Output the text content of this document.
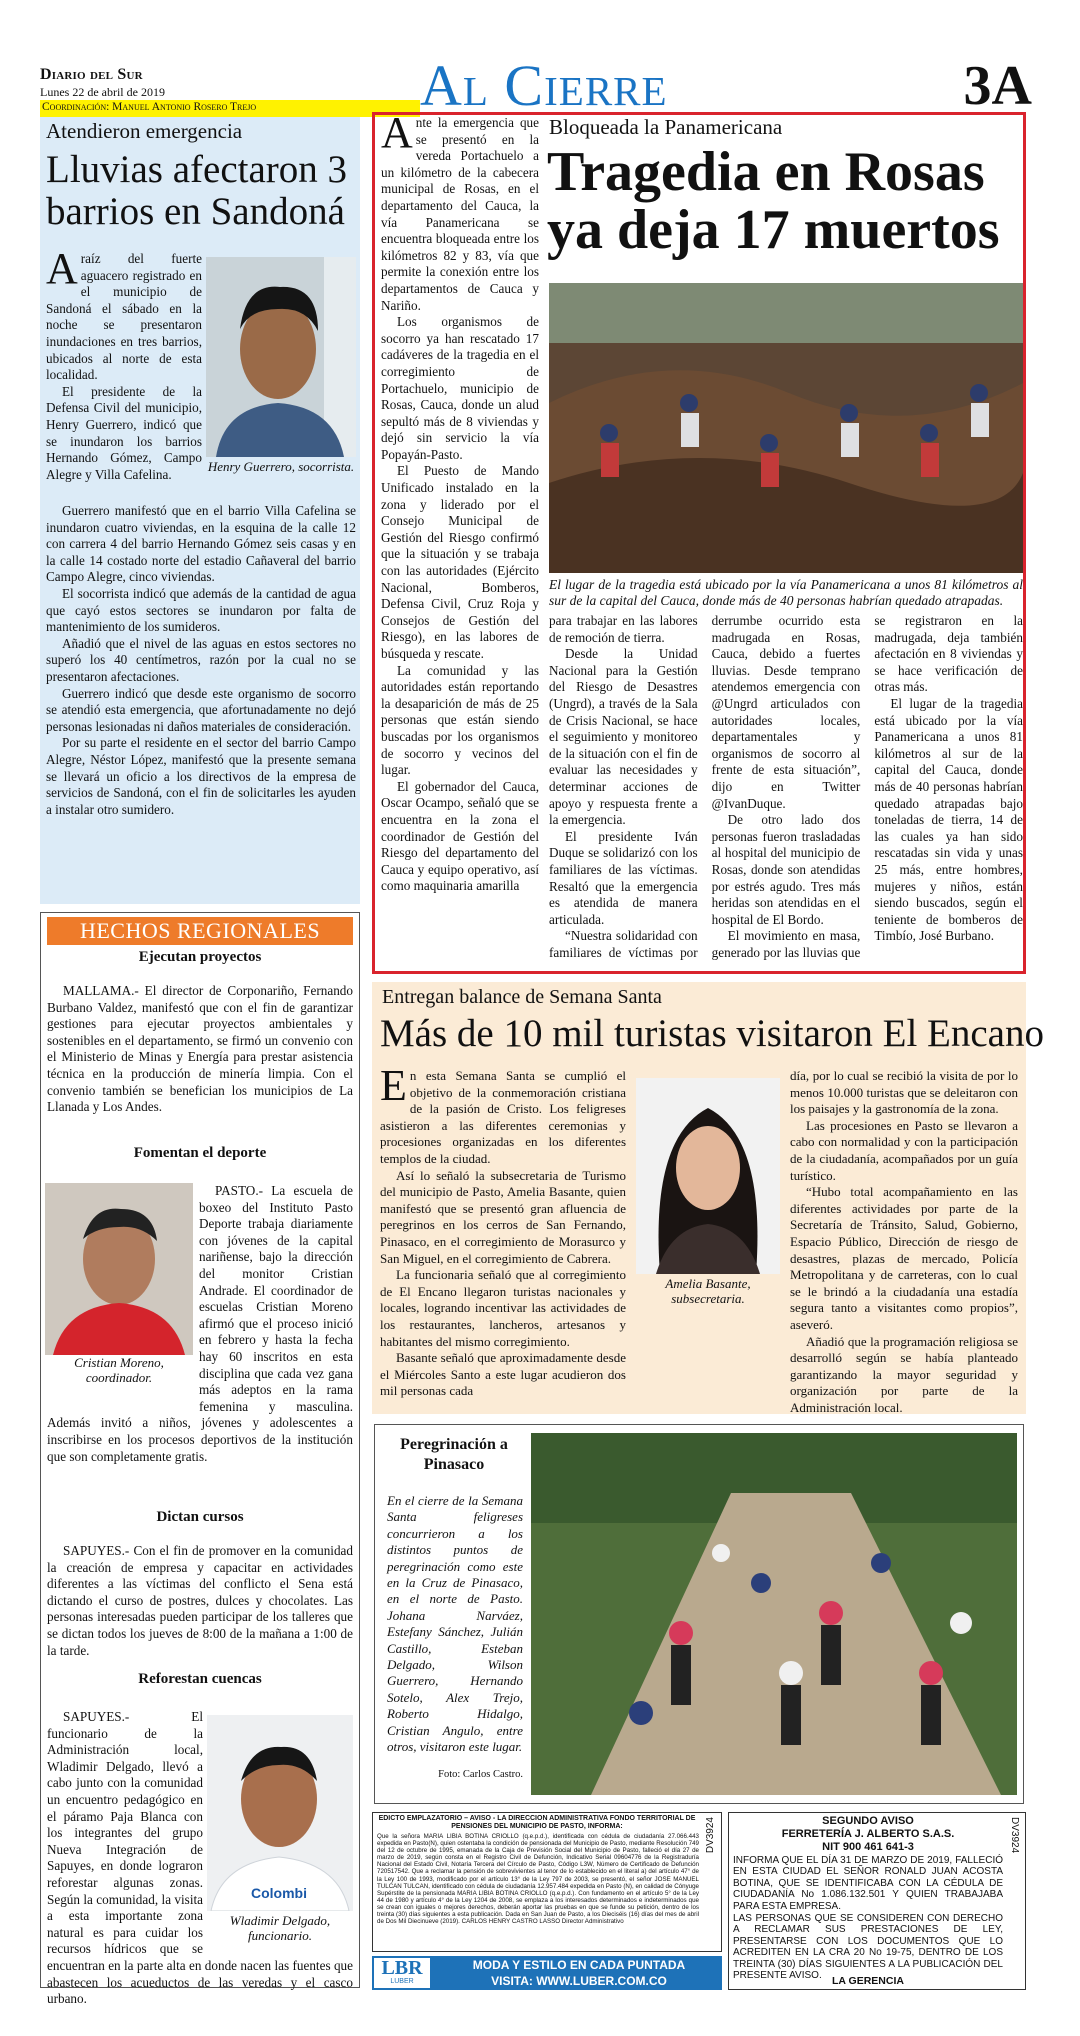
Diario del Sur
Lunes 22 de abril de 2019
Coordinación: Manuel Antonio Rosero Trejo	Al Cierre	3A
Atendieron emergencia
Lluvias afectaron 3 barrios en Sandoná

Araíz del fuerte aguacero registrado en el municipio de Sandoná el sábado en la noche se presentaron inundaciones en tres barrios, ubicados al norte de esta localidad.

El presidente de la Defensa Civil del municipio, Henry Guerrero, indicó que se inundaron los barrios Hernando Gómez, Campo Alegre y Villa Cafelina.

Henry Guerrero, socorrista.

Guerrero manifestó que en el barrio Villa Cafelina se inundaron cuatro viviendas, en la esquina de la calle 12 con carrera 4 del barrio Hernando Gómez seis casas y en la calle 14 costado norte del estadio Cañaveral del barrio Campo Alegre, cinco viviendas.

El socorrista indicó que además de la cantidad de agua que cayó estos sectores se inundaron por falta de mantenimiento de los sumideros.

Añadió que el nivel de las aguas en estos sectores no superó los 40 centímetros, razón por la cual no se presentaron afectaciones.

Guerrero indicó que desde este organismo de socorro se atendió esta emergencia, que afortunadamente no dejó personas lesionadas ni daños materiales de consideración.

Por su parte el residente en el sector del barrio Campo Alegre, Néstor López, manifestó que la presente semana se llevará un oficio a los directivos de la empresa de servicios de Sandoná, con el fin de solicitarles les ayuden a instalar otro sumidero.

Ante la emergencia que se presentó en la vereda Portachuelo a un kilómetro de la cabecera municipal de Rosas, en el departamento del Cauca, la vía Panamericana se encuentra bloqueada entre los kilómetros 82 y 83, vía que permite la conexión entre los departamentos de Cauca y Nariño.

Los organismos de socorro ya han rescatado 17 cadáveres de la tragedia en el corregimiento de Portachuelo, municipio de Rosas, Cauca, donde un alud sepultó más de 8 viviendas y dejó sin servicio la vía Popayán-Pasto.

El Puesto de Mando Unificado instalado en la zona y liderado por el Consejo Municipal de Gestión del Riesgo confirmó que la situación y se trabaja con las autoridades (Ejército Nacional, Bomberos, Defensa Civil, Cruz Roja y Consejos de Gestión del Riesgo), en las labores de búsqueda y rescate.

La comunidad y las autoridades están reportando la desaparición de más de 25 personas que están siendo buscadas por los organismos de socorro y vecinos del lugar.

El gobernador del Cauca, Oscar Ocampo, señaló que se encuentra en la zona el coordinador de Gestión del Riesgo del departamento del Cauca y equipo operativo, así como maquinaria amarilla

Bloqueada la Panamericana
Tragedia en Rosas ya deja 17 muertos
El lugar de la tragedia está ubicado por la vía Panamericana a unos 81 kilómetros al sur de la capital del Cauca, donde más de 40 personas habrían quedado atrapadas.

para trabajar en las labores de remoción de tierra.

Desde la Unidad Nacional para la Gestión del Riesgo de Desastres (Ungrd), a través de la Sala de Crisis Nacional, se hace el seguimiento y monitoreo de la situación con el fin de evaluar las necesidades y determinar acciones de apoyo y respuesta frente a la emergencia.

El presidente Iván Duque se solidarizó con los familiares de las víctimas. Resaltó que la emergencia es atendida de manera articulada.

“Nuestra solidaridad con familiares de víctimas por derrumbe ocurrido esta madrugada en Rosas, Cauca, debido a fuertes lluvias. Desde temprano atendemos emergencia con @Ungrd articulados con autoridades locales, departamentales y organismos de socorro al frente de esta situación”, dijo en Twitter @IvanDuque.

De otro lado dos personas fueron trasladadas al hospital del municipio de Rosas, donde son atendidas por estrés agudo. Tres más heridas son atendidas en el hospital de El Bordo.

El movimiento en masa, generado por las lluvias que se registraron en la madrugada, deja también afectación en 8 viviendas y se hace verificación de otras más.

El lugar de la tragedia está ubicado por la vía Panamericana a unos 81 kilómetros al sur de la capital del Cauca, donde más de 40 personas habrían quedado atrapadas bajo toneladas de tierra, 14 de las cuales ya han sido rescatadas sin vida y unas 25 más, entre hombres, mujeres y niños, están siendo buscados, según el teniente de bomberos de Timbío, José Burbano.

HECHOS REGIONALES
Ejecutan proyectos

MALLAMA.- El director de Corponariño, Fernando Burbano Valdez, manifestó que con el fin de garantizar gestiones para ejecutar proyectos ambientales y sostenibles en el departamento, se firmó un convenio con el Ministerio de Minas y Energía para prestar asistencia técnica en la producción de minería limpia. Con el convenio también se benefician los municipios de La Llanada y Los Andes.

Fomentan el deporte
Cristian Moreno, coordinador.

PASTO.- La escuela de boxeo del Instituto Pasto Deporte trabaja diariamente con jóvenes de la capital nariñense, bajo la dirección del monitor Cristian Andrade. El coordinador de escuelas Cristian Moreno afirmó que el proceso inició en febrero y hasta la fecha hay 60 inscritos en esta disciplina que cada vez gana más adeptos en la rama femenina y masculina. Además invitó a niños, jóvenes y adolescentes a inscribirse en los procesos deportivos de la institución que son completamente gratis.

Dictan cursos

SAPUYES.- Con el fin de promover en la comunidad la creación de empresa y capacitar en actividades diferentes a las víctimas del conflicto el Sena está dictando el curso de postres, dulces y chocolates. Las personas interesadas pueden participar de los talleres que se dictan todos los jueves de 8:00 de la mañana a 1:00 de la tarde.

Reforestan cuencas

SAPUYES.- El funcionario de la Administración local, Wladimir Delgado, llevó a cabo junto con la comunidad un encuentro pedagógico en el páramo Paja Blanca con los integrantes del grupo Nueva Integración de Sapuyes, en donde lograron reforestar algunas zonas. Según la comunidad, la visita a esta importante zona natural es para cuidar los recursos hídricos que se encuentran en la parte alta en donde nacen las fuentes que abastecen los acueductos de las veredas y el casco urbano.

Colombi
Wladimir Delgado, funcionario.
Entregan balance de Semana Santa
Más de 10 mil turistas visitaron El Encano

En esta Semana Santa se cumplió el objetivo de la conmemoración cristiana de la pasión de Cristo. Los feligreses asistieron a las diferentes ceremonias y procesiones organizadas en los diferentes templos de la ciudad.

Así lo señaló la subsecretaria de Turismo del municipio de Pasto, Amelia Basante, quien manifestó que se presentó gran afluencia de peregrinos en los cerros de San Fernando, Pinasaco, en el corregimiento de Morasurco y San Miguel, en el corregimiento de Cabrera.

La funcionaria señaló que al corregimiento de El Encano llegaron turistas nacionales y locales, logrando incentivar las actividades de los restaurantes, lancheros, artesanos y habitantes del mismo corregimiento.

Basante señaló que aproximadamente desde el Miércoles Santo a este lugar acudieron dos mil personas cada

Amelia Basante, subsecretaria.

día, por lo cual se recibió la visita de por lo menos 10.000 turistas que se deleitaron con los paisajes y la gastronomía de la zona.

Las procesiones en Pasto se llevaron a cabo con normalidad y con la participación de la ciudadanía, acompañados por un guía turístico.

“Hubo total acompañamiento en las diferentes actividades por parte de la Secretaría de Tránsito, Salud, Gobierno, Espacio Público, Dirección de riesgo de desastres, plazas de mercado, Policía Metropolitana y de carreteras, con lo cual se le brindó a la ciudadanía una estadía segura tanto a visitantes como propios”, aseveró.

Añadió que la programación religiosa se desarrolló según se había planteado garantizando la mayor seguridad y organización por parte de la Administración local.

Peregrinación a Pinasaco

En el cierre de la Semana Santa feligreses concurrieron a los distintos puntos de peregrinación como este en la Cruz de Pinasaco, en el norte de Pasto. Johana Narváez, Estefany Sánchez, Julián Castillo, Esteban Delgado, Wilson Guerrero, Hernando Sotelo, Alex Trejo, Roberto Hidalgo, Cristian Angulo, entre otros, visitaron este lugar.

Foto: Carlos Castro.
EDICTO EMPLAZATORIO – AVISO - LA DIRECCION ADMINISTRATIVA FONDO TERRITORIAL DE PENSIONES DEL MUNICIPIO DE PASTO, INFORMA:

Que la señora MARIA LIBIA BOTINA CRIOLLO (q.e.p.d.), identificada con cédula de ciudadanía 27.066.443 expedida en Pasto(N), quien ostentaba la condición de pensionada del Municipio de Pasto, mediante Resolución 749 del 12 de octubre de 1995, emanada de la Caja de Previsión Social del Municipio de Pasto, falleció el día 27 de marzo de 2019, según consta en el Registro Civil de Defunción, Indicativo Serial 09604776 de la Registraduría Nacional del Estado Civil, Notaría Tercera del Círculo de Pasto, Código L3W, Número de Certificado de Defunción 720517542. Que a reclamar la pensión de sobrevivientes al tenor de lo establecido en el literal a) del artículo 47° de la Ley 100 de 1993, modificado por el artículo 13° de la Ley 797 de 2003, se presentó, el señor JOSE MANUEL TULCAN TULCAN, identificado con cédula de ciudadanía 12.957.484 expedida en Pasto (N), en calidad de Cónyuge Supérstite de la pensionada MARIA LIBIA BOTINA CRIOLLO (q.e.p.d.). Con fundamento en el artículo 5° de la Ley 44 de 1980 y artículo 4° de la Ley 1204 de 2008, se emplaza a los interesados determinados e indeterminados que se crean con iguales o mejores derechos, deberán aportar las pruebas en que se funde su petición, dentro de los treinta (30) días siguientes a esta publicación. Dada en San Juan de Pasto, a los Dieciséis (16) días del mes de abril de Dos Mil Diecinueve (2019). CARLOS HENRY CASTRO LASSO Director Administrativo

DV3924
LBR
LUBER
MODA Y ESTILO EN CADA PUNTADA
VISITA: WWW.LUBER.COM.CO
SEGUNDO AVISO
FERRETERÍA J. ALBERTO S.A.S.
NIT 900 461 641-3

INFORMA QUE EL DÍA 31 DE MARZO DE 2019, FALLECIÓ EN ESTA CIUDAD EL SEÑOR RONALD JUAN ACOSTA BOTINA, QUE SE IDENTIFICABA CON LA CÉDULA DE CIUDADANÍA No 1.086.132.501 Y QUIEN TRABAJABA PARA ESTA EMPRESA.

LAS PERSONAS QUE SE CONSIDEREN CON DERECHO A RECLAMAR SUS PRESTACIONES DE LEY, PRESENTARSE CON LOS DOCUMENTOS QUE LO ACREDITEN EN LA CRA 20 No 19-75, DENTRO DE LOS TREINTA (30) DÍAS SIGUIENTES A LA PUBLICACIÓN DEL PRESENTE AVISO. LA GERENCIA
DV3924
